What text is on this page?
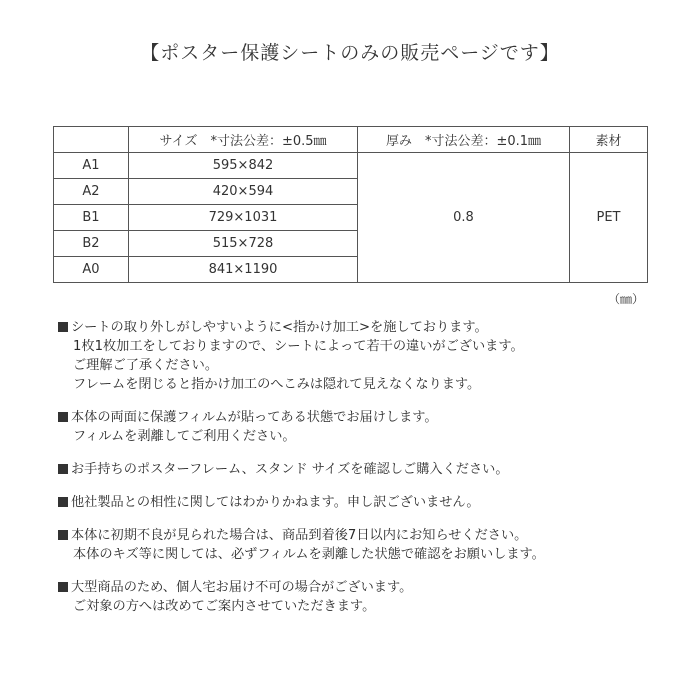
【ポスター保護シートのみの販売ページです】
	サイズ　*寸法公差：±0.5㎜	厚み　*寸法公差：±0.1㎜	素材
A1	595×842	0.8	PET
A2	420×594		
B1	729×1031		
B2	515×728		
A0	841×1190		
（㎜）
シートの取り外しがしやすいように<指かけ加工>を施しております。
1枚1枚加工をしておりますので、シートによって若干の違いがございます。
ご理解ご了承ください。
フレームを閉じると指かけ加工のへこみは隠れて見えなくなります。
本体の両面に保護フィルムが貼ってある状態でお届けします。
フィルムを剥離してご利用ください。
お手持ちのポスターフレーム、スタンド サイズを確認しご購入ください。
他社製品との相性に関してはわかりかねます。申し訳ございません。
本体に初期不良が見られた場合は、商品到着後7日以内にお知らせください。
本体のキズ等に関しては、必ずフィルムを剥離した状態で確認をお願いします。
大型商品のため、個人宅お届け不可の場合がございます。
ご対象の方へは改めてご案内させていただきます。
